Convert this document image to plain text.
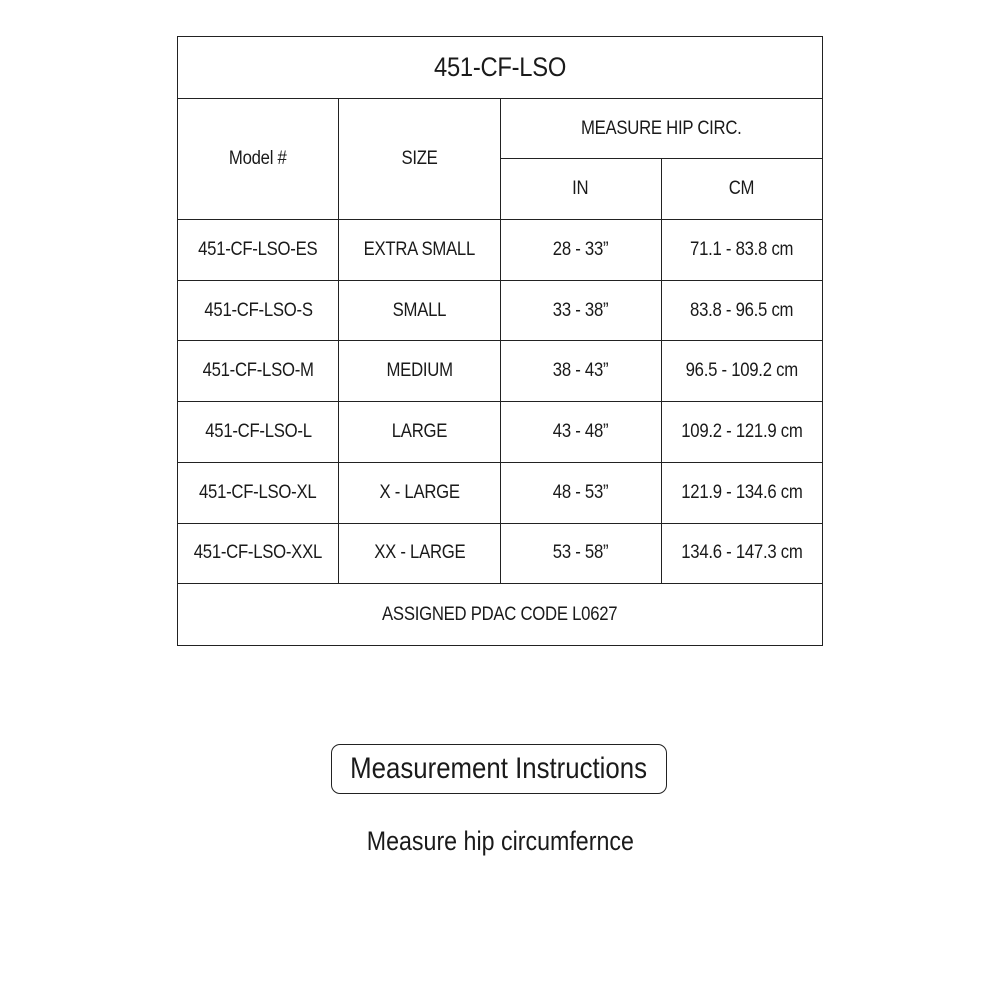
451-CF-LSO			
Model #	SIZE	MEASURE HIP CIRC.	
		IN	CM
451-CF-LSO-ES	EXTRA SMALL	28 - 33”	71.1 - 83.8 cm
451-CF-LSO-S	SMALL	33 - 38”	83.8 - 96.5 cm
451-CF-LSO-M	MEDIUM	38 - 43”	96.5 - 109.2 cm
451-CF-LSO-L	LARGE	43 - 48”	109.2 - 121.9 cm
451-CF-LSO-XL	X - LARGE	48 - 53”	121.9 - 134.6 cm
451-CF-LSO-XXL	XX - LARGE	53 - 58”	134.6 - 147.3 cm
ASSIGNED PDAC CODE L0627			
Measurement Instructions
Measure hip circumfernce
